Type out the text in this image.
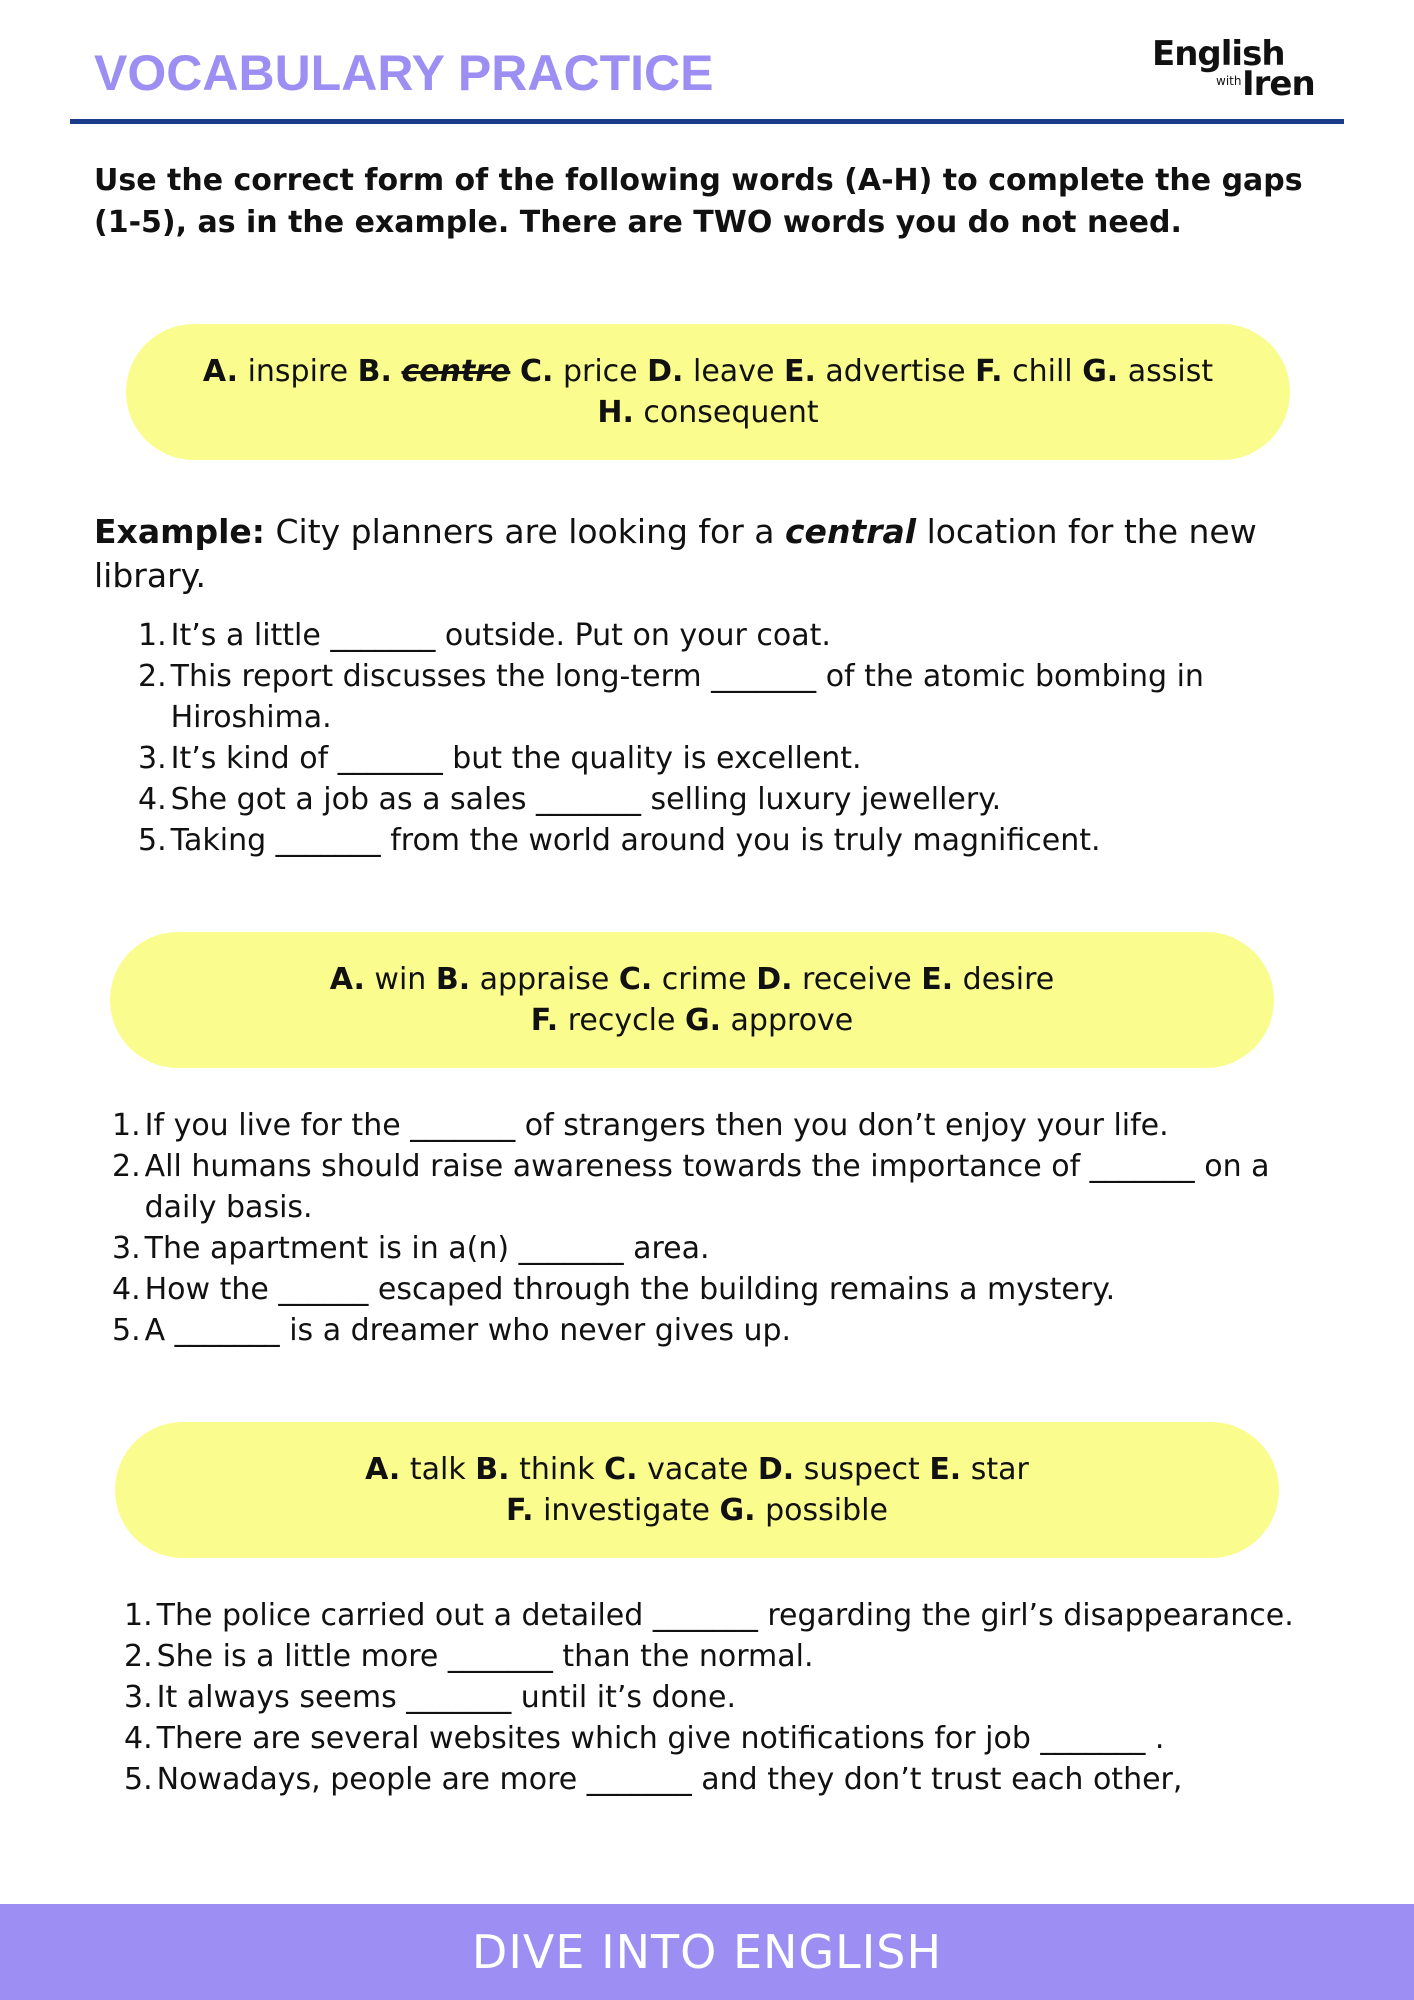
VOCABULARY PRACTICE	English
with Iren

Use the correct form of the following words (A-H) to complete the gaps (1-5), as in the example. There are TWO words you do not need.

A. inspire B. centre C. price D. leave E. advertise F. chill G. assist
H. consequent

Example: City planners are looking for a central location for the new library.

1. It’s a little _______ outside. Put on your coat.
2. This report discusses the long-term _______ of the atomic bombing in Hiroshima.
3. It’s kind of _______ but the quality is excellent.
4. She got a job as a sales _______ selling luxury jewellery.
5. Taking _______ from the world around you is truly magnificent.
A. win B. appraise C. crime D. receive E. desire
F. recycle G. approve
1. If you live for the _______ of strangers then you don’t enjoy your life.
2. All humans should raise awareness towards the importance of _______ on a daily basis.
3. The apartment is in a(n) _______ area.
4. How the ______ escaped through the building remains a mystery.
5. A _______ is a dreamer who never gives up.
A. talk B. think C. vacate D. suspect E. star
F. investigate G. possible
1. The police carried out a detailed _______ regarding the girl’s disappearance.
2. She is a little more _______ than the normal.
3. It always seems _______ until it’s done.
4. There are several websites which give notifications for job _______ .
5. Nowadays, people are more _______ and they don’t trust each other,
DIVE INTO ENGLISH
